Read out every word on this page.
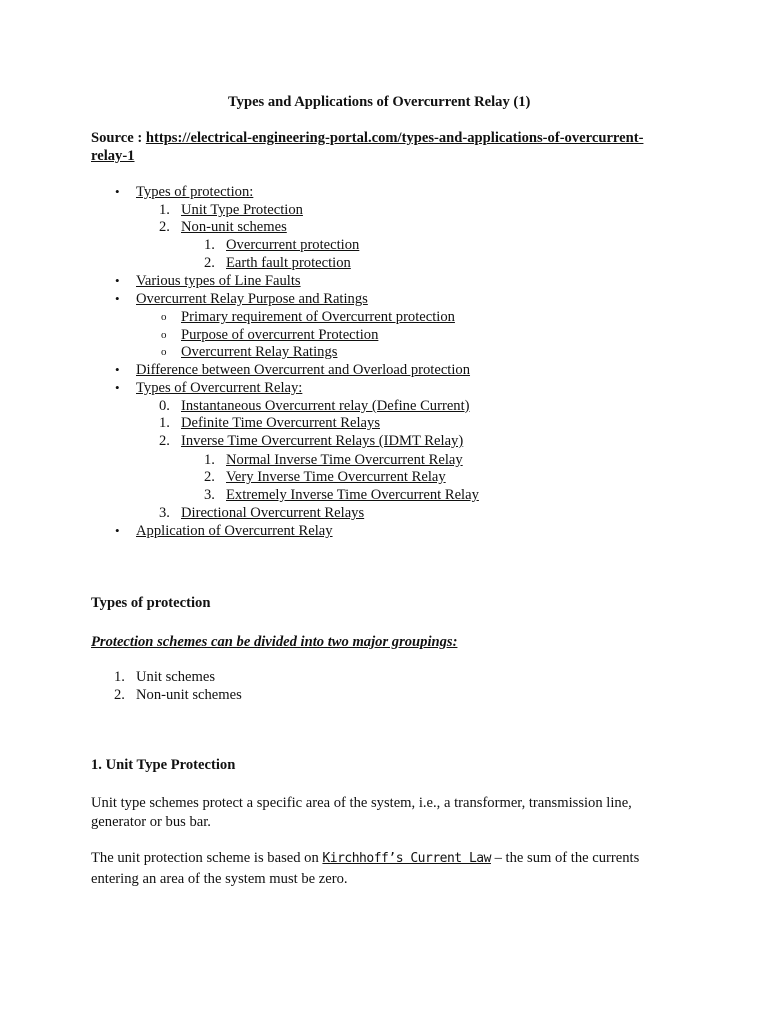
Types and Applications of Overcurrent Relay (1)
Source : https://electrical-engineering-portal.com/types-and-applications-of-overcurrent-
relay-1
• Types of protection:
1. Unit Type Protection
2. Non-unit schemes
1. Overcurrent protection
2. Earth fault protection
• Various types of Line Faults
• Overcurrent Relay Purpose and Ratings
o Primary requirement of Overcurrent protection
o Purpose of overcurrent Protection
o Overcurrent Relay Ratings
• Difference between Overcurrent and Overload protection
• Types of Overcurrent Relay:
0. Instantaneous Overcurrent relay (Define Current)
1. Definite Time Overcurrent Relays
2. Inverse Time Overcurrent Relays (IDMT Relay)
1. Normal Inverse Time Overcurrent Relay
2. Very Inverse Time Overcurrent Relay
3. Extremely Inverse Time Overcurrent Relay
3. Directional Overcurrent Relays
• Application of Overcurrent Relay
Types of protection
Protection schemes can be divided into two major groupings:
1. Unit schemes
2. Non-unit schemes
1. Unit Type Protection
Unit type schemes protect a specific area of the system, i.e., a transformer, transmission line, generator or bus bar.
The unit protection scheme is based on Kirchhoff’s Current Law – the sum of the currents entering an area of the system must be zero.
